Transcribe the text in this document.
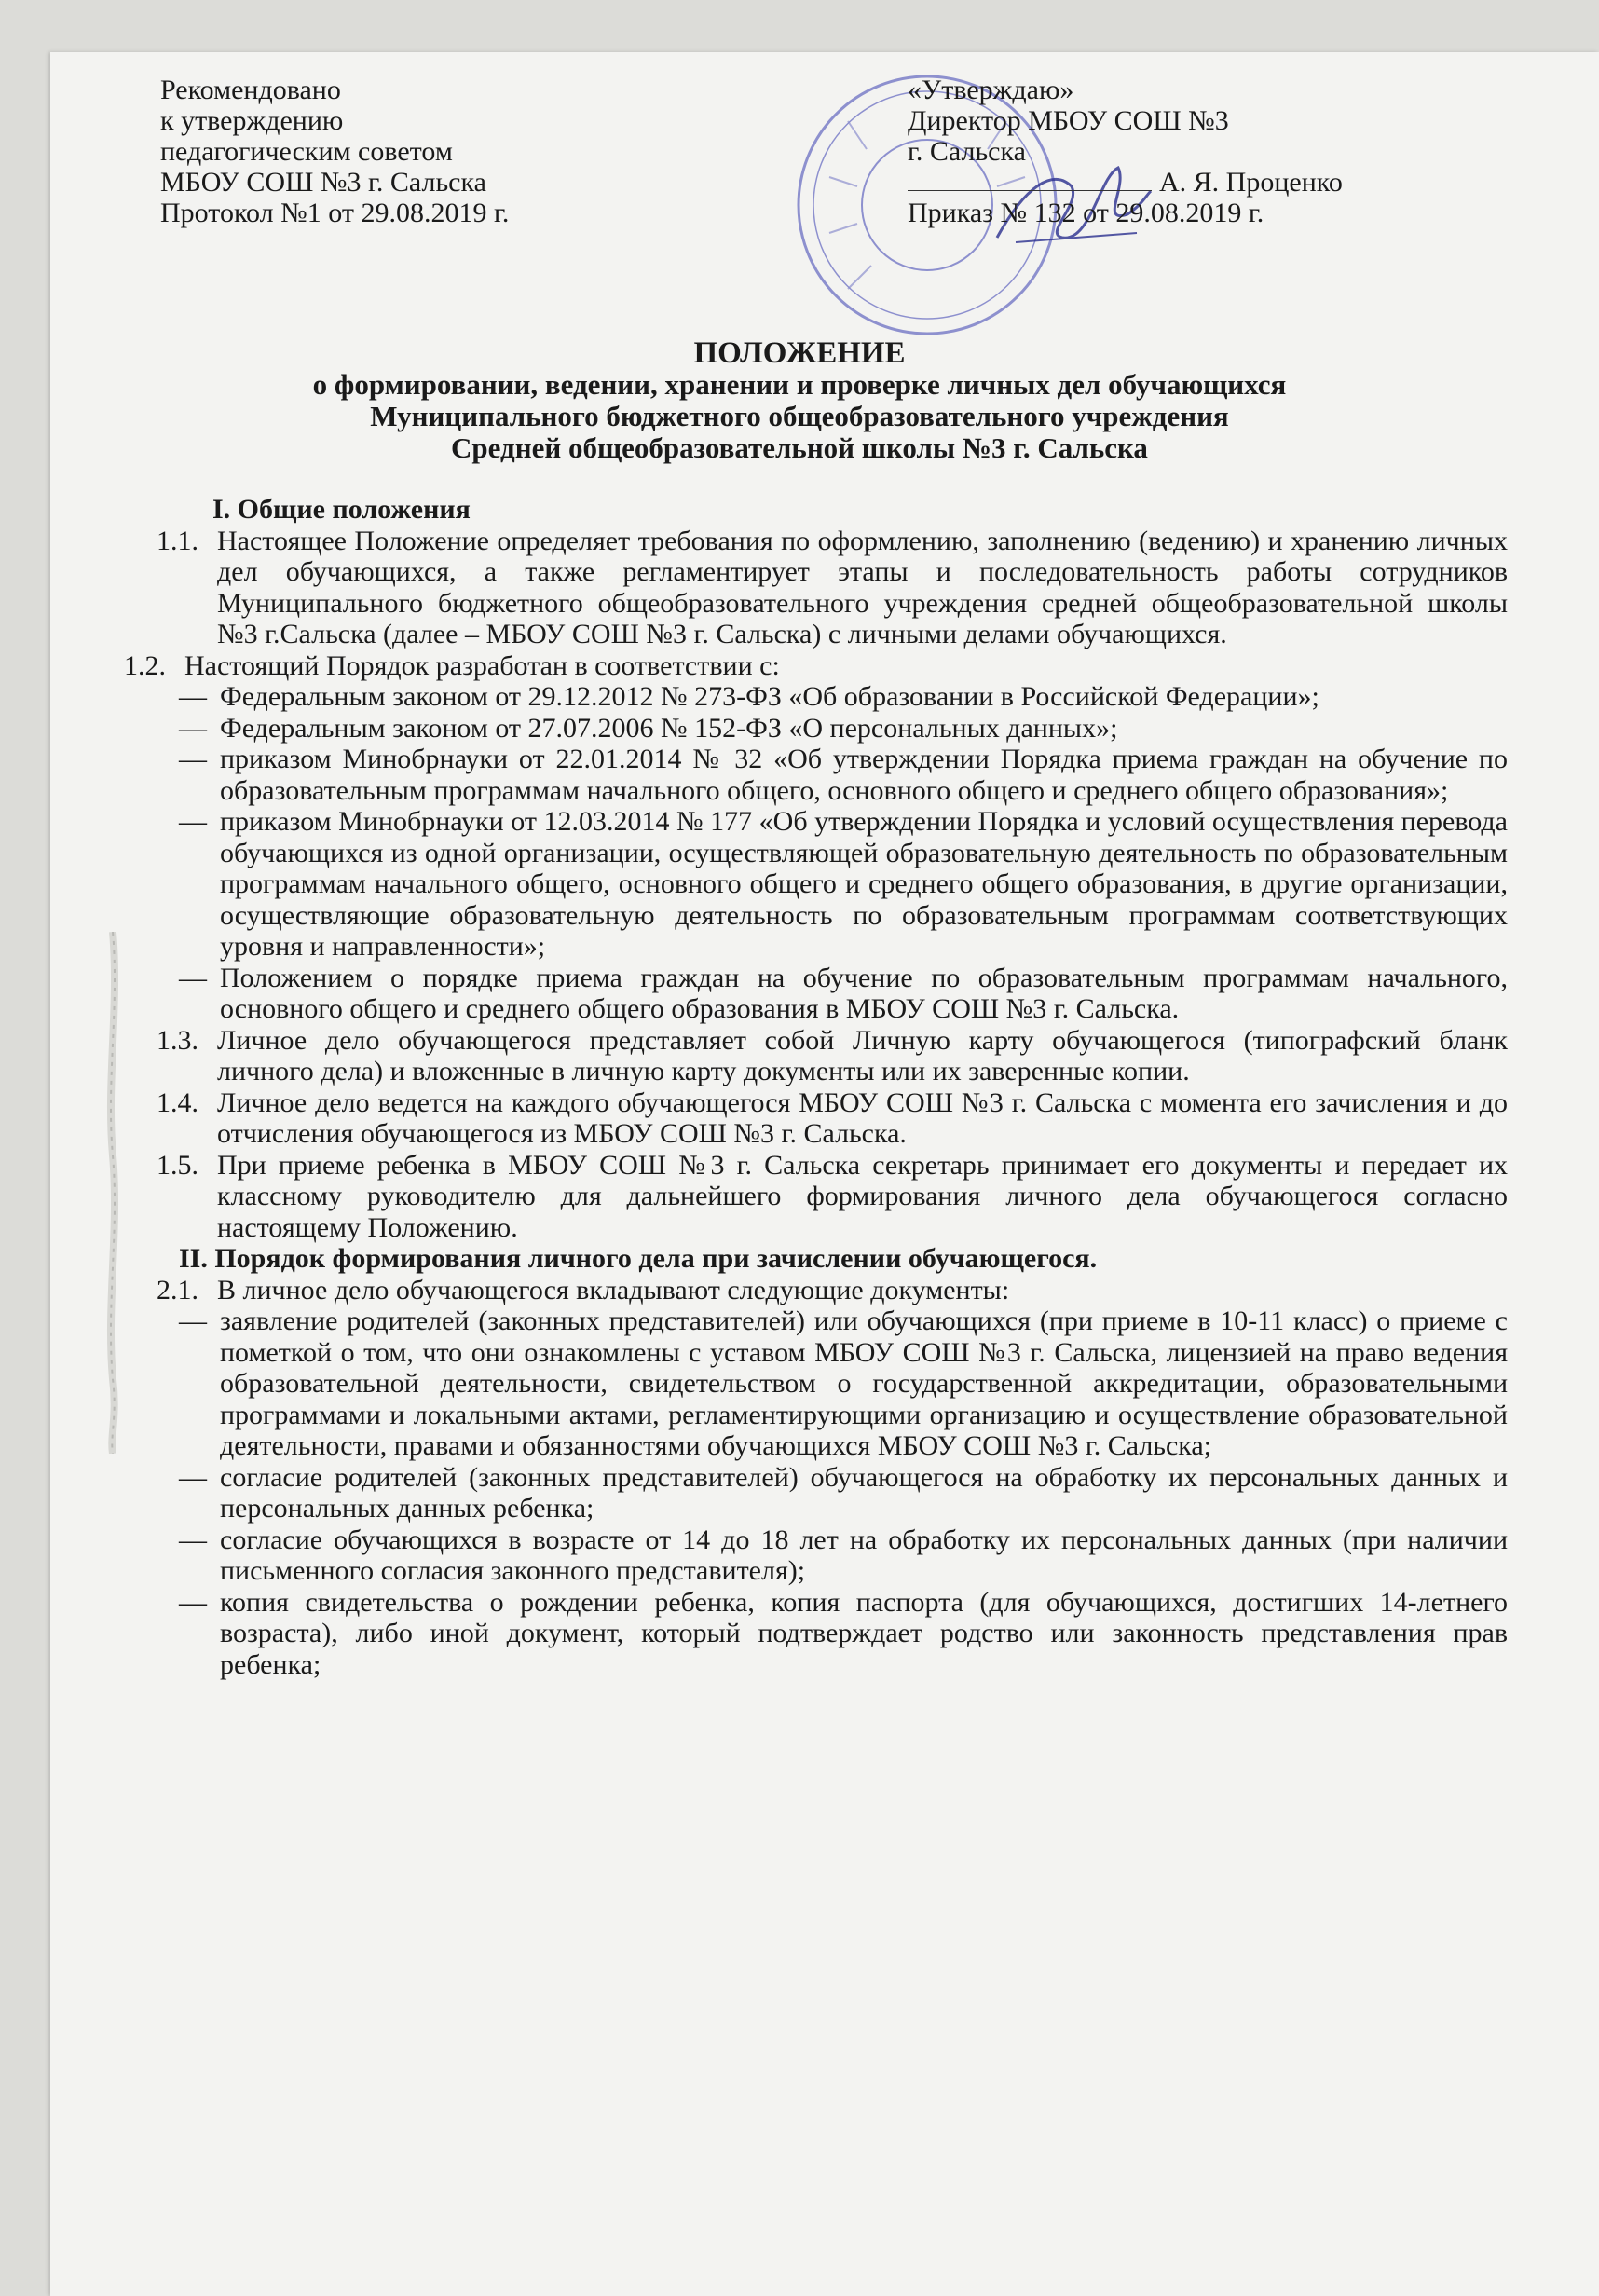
Рекомендовано
к утверждению
педагогическим советом
МБОУ СОШ №3 г. Сальска
Протокол №1 от 29.08.2019 г.
«Утверждаю»
Директор МБОУ СОШ №3
г. Сальска
А. Я. Проценко
Приказ № 132 от 29.08.2019 г.
ПОЛОЖЕНИЕ
о формировании, ведении, хранении и проверке личных дел обучающихся
Муниципального бюджетного общеобразовательного учреждения
Средней общеобразовательной школы №3 г. Сальска
I. Общие положения
1.1. Настоящее Положение определяет требования по оформлению, заполнению (ведению) и хранению личных дел обучающихся, а также регламентирует этапы и последовательность работы сотрудников Муниципального бюджетного общеобразовательного учреждения средней общеобразовательной школы №3 г.Сальска (далее – МБОУ СОШ №3 г. Сальска) с личными делами обучающихся.
1.2. Настоящий Порядок разработан в соответствии с:
— Федеральным законом от 29.12.2012 № 273-ФЗ «Об образовании в Российской Федерации»;
— Федеральным законом от 27.07.2006 № 152-ФЗ «О персональных данных»;
— приказом Минобрнауки от 22.01.2014 № 32 «Об утверждении Порядка приема граждан на обучение по образовательным программам начального общего, основного общего и среднего общего образования»;
— приказом Минобрнауки от 12.03.2014 № 177 «Об утверждении Порядка и условий осуществления перевода обучающихся из одной организации, осуществляющей образовательную деятельность по образовательным программам начального общего, основного общего и среднего общего образования, в другие организации, осуществляющие образовательную деятельность по образовательным программам соответствующих уровня и направленности»;
— Положением о порядке приема граждан на обучение по образовательным программам начального, основного общего и среднего общего образования в МБОУ СОШ №3 г. Сальска.
1.3. Личное дело обучающегося представляет собой Личную карту обучающегося (типографский бланк личного дела) и вложенные в личную карту документы или их заверенные копии.
1.4. Личное дело ведется на каждого обучающегося МБОУ СОШ №3 г. Сальска с момента его зачисления и до отчисления обучающегося из МБОУ СОШ №3 г. Сальска.
1.5. При приеме ребенка в МБОУ СОШ №3 г. Сальска секретарь принимает его документы и передает их классному руководителю для дальнейшего формирования личного дела обучающегося согласно настоящему Положению.
II. Порядок формирования личного дела при зачислении обучающегося.
2.1. В личное дело обучающегося вкладывают следующие документы:
— заявление родителей (законных представителей) или обучающихся (при приеме в 10-11 класс) о приеме с пометкой о том, что они ознакомлены с уставом МБОУ СОШ №3 г. Сальска, лицензией на право ведения образовательной деятельности, свидетельством о государственной аккредитации, образовательными программами и локальными актами, регламентирующими организацию и осуществление образовательной деятельности, правами и обязанностями обучающихся МБОУ СОШ №3 г. Сальска;
— согласие родителей (законных представителей) обучающегося на обработку их персональных данных и персональных данных ребенка;
— согласие обучающихся в возрасте от 14 до 18 лет на обработку их персональных данных (при наличии письменного согласия законного представителя);
— копия свидетельства о рождении ребенка, копия паспорта (для обучающихся, достигших 14-летнего возраста), либо иной документ, который подтверждает родство или законность представления прав ребенка;
